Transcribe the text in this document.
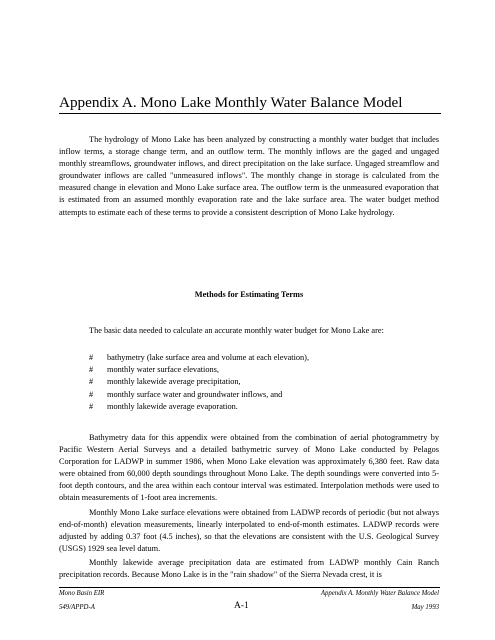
Appendix A. Mono Lake Monthly Water Balance Model

The hydrology of Mono Lake has been analyzed by constructing a monthly water budget that includes inflow terms, a storage change term, and an outflow term. The monthly inflows are the gaged and ungaged monthly streamflows, groundwater inflows, and direct precipitation on the lake surface. Ungaged streamflow and groundwater inflows are called "unmeasured inflows". The monthly change in storage is calculated from the measured change in elevation and Mono Lake surface area. The outflow term is the unmeasured evaporation that is estimated from an assumed monthly evaporation rate and the lake surface area. The water budget method attempts to estimate each of these terms to provide a consistent description of Mono Lake hydrology.

Methods for Estimating Terms

The basic data needed to calculate an accurate monthly water budget for Mono Lake are:

#	bathymetry (lake surface area and volume at each elevation),
#	monthly water surface elevations,
#	monthly lakewide average precipitation,
#	monthly surface water and groundwater inflows, and
#	monthly lakewide average evaporation.

Bathymetry data for this appendix were obtained from the combination of aerial photogrammetry by Pacific Western Aerial Surveys and a detailed bathymetric survey of Mono Lake conducted by Pelagos Corporation for LADWP in summer 1986, when Mono Lake elevation was approximately 6,380 feet. Raw data were obtained from 60,000 depth soundings throughout Mono Lake. The depth soundings were converted into 5-foot depth contours, and the area within each contour interval was estimated. Interpolation methods were used to obtain measurements of 1-foot area increments.

Monthly Mono Lake surface elevations were obtained from LADWP records of periodic (but not always end-of-month) elevation measurements, linearly interpolated to end-of-month estimates. LADWP records were adjusted by adding 0.37 foot (4.5 inches), so that the elevations are consistent with the U.S. Geological Survey (USGS) 1929 sea level datum.

Monthly lakewide average precipitation data are estimated from LADWP monthly Cain Ranch precipitation records. Because Mono Lake is in the "rain shadow" of the Sierra Nevada crest, it is

Mono Basin EIR
549/APPD-A	A-1
Appendix A. Monthly Water Balance Model
May 1993
